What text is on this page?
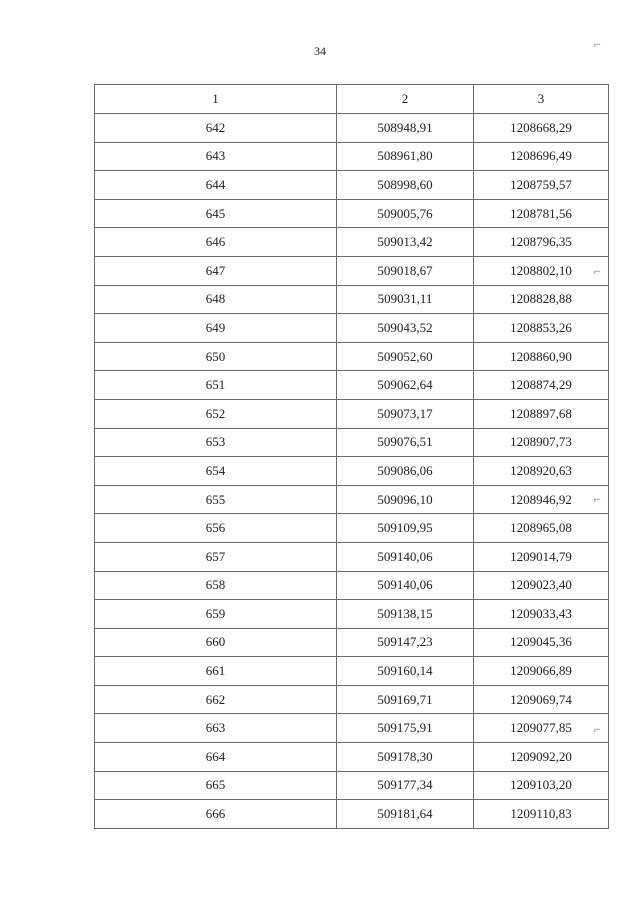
34	⌐
1	2	3
642	508948,91	1208668,29
643	508961,80	1208696,49
644	508998,60	1208759,57
645	509005,76	1208781,56
646	509013,42	1208796,35
647	509018,67	1208802,10
648	509031,11	1208828,88
649	509043,52	1208853,26
650	509052,60	1208860,90
651	509062,64	1208874,29
652	509073,17	1208897,68
653	509076,51	1208907,73
654	509086,06	1208920,63
655	509096,10	1208946,92
656	509109,95	1208965,08
657	509140,06	1209014,79
658	509140,06	1209023,40
659	509138,15	1209033,43
660	509147,23	1209045,36
661	509160,14	1209066,89
662	509169,71	1209069,74
663	509175,91	1209077,85
664	509178,30	1209092,20
665	509177,34	1209103,20
666	509181,64	1209110,83
⌐
⌐
⌐
